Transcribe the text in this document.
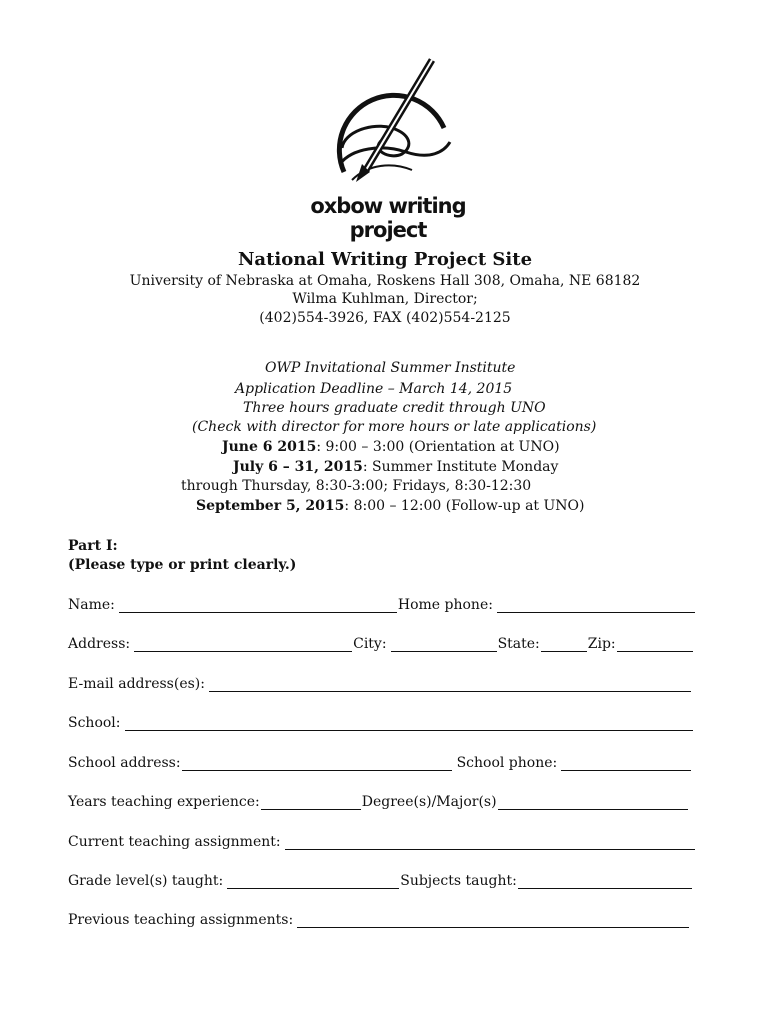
oxbow writing project
National Writing Project Site
University of Nebraska at Omaha, Roskens Hall 308, Omaha, NE 68182
Wilma Kuhlman, Director;
(402)554-3926, FAX (402)554-2125
OWP Invitational Summer Institute
Application Deadline – March 14, 2015
Three hours graduate credit through UNO
(Check with director for more hours or late applications)
June 6 2015: 9:00 – 3:00 (Orientation at UNO)
July 6 – 31, 2015: Summer Institute Monday
through Thursday, 8:30-3:00; Fridays, 8:30-12:30
September 5, 2015: 8:00 – 12:00 (Follow-up at UNO)
Part I:
(Please type or print clearly.)
Name:	Home phone:
Address:	City:	State:	Zip:
E-mail address(es):
School:
School address:	School phone:
Years teaching experience:	Degree(s)/Major(s)
Current teaching assignment:
Grade level(s) taught:	Subjects taught:
Previous teaching assignments:
